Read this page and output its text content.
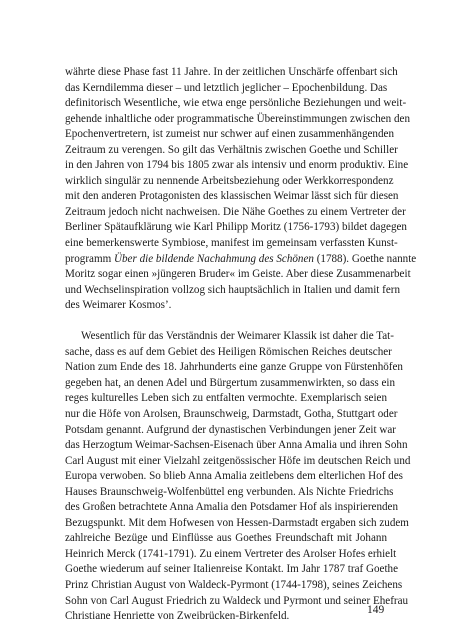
währte diese Phase fast 11 Jahre. In der zeitlichen Unschärfe offenbart sich
das Kerndilemma dieser – und letztlich jeglicher – Epochenbildung. Das
definitorisch Wesentliche, wie etwa enge persönliche Beziehungen und weit-
gehende inhaltliche oder programmatische Übereinstimmungen zwischen den
Epochenvertretern, ist zumeist nur schwer auf einen zusammenhängenden
Zeitraum zu verengen. So gilt das Verhältnis zwischen Goethe und Schiller
in den Jahren von 1794 bis 1805 zwar als intensiv und enorm produktiv. Eine
wirklich singulär zu nennende Arbeitsbeziehung oder Werkkorrespondenz
mit den anderen Protagonisten des klassischen Weimar lässt sich für diesen
Zeitraum jedoch nicht nachweisen. Die Nähe Goethes zu einem Vertreter der
Berliner Spätaufklärung wie Karl Philipp Moritz (1756-1793) bildet dagegen
eine bemerkenswerte Symbiose, manifest im gemeinsam verfassten Kunst-
programm Über die bildende Nachahmung des Schönen (1788). Goethe nannte
Moritz sogar einen »jüngeren Bruder« im Geiste. Aber diese Zusammenarbeit
und Wechselinspiration vollzog sich hauptsächlich in Italien und damit fern
des Weimarer Kosmos’.
Wesentlich für das Verständnis der Weimarer Klassik ist daher die Tat-
sache, dass es auf dem Gebiet des Heiligen Römischen Reiches deutscher
Nation zum Ende des 18. Jahrhunderts eine ganze Gruppe von Fürstenhöfen
gegeben hat, an denen Adel und Bürgertum zusammenwirkten, so dass ein
reges kulturelles Leben sich zu entfalten vermochte. Exemplarisch seien
nur die Höfe von Arolsen, Braunschweig, Darmstadt, Gotha, Stuttgart oder
Potsdam genannt. Aufgrund der dynastischen Verbindungen jener Zeit war
das Herzogtum Weimar-Sachsen-Eisenach über Anna Amalia und ihren Sohn
Carl August mit einer Vielzahl zeitgenössischer Höfe im deutschen Reich und
Europa verwoben. So blieb Anna Amalia zeitlebens dem elterlichen Hof des
Hauses Braunschweig-Wolfenbüttel eng verbunden. Als Nichte Friedrichs
des Großen betrachtete Anna Amalia den Potsdamer Hof als inspirierenden
Bezugspunkt. Mit dem Hofwesen von Hessen-Darmstadt ergaben sich zudem
zahlreiche Bezüge und Einflüsse aus Goethes Freundschaft mit Johann
Heinrich Merck (1741-1791). Zu einem Vertreter des Arolser Hofes erhielt
Goethe wiederum auf seiner Italienreise Kontakt. Im Jahr 1787 traf Goethe
Prinz Christian August von Waldeck-Pyrmont (1744-1798), seines Zeichens
Sohn von Carl August Friedrich zu Waldeck und Pyrmont und seiner Ehefrau
Christiane Henriette von Zweibrücken-Birkenfeld.
149
